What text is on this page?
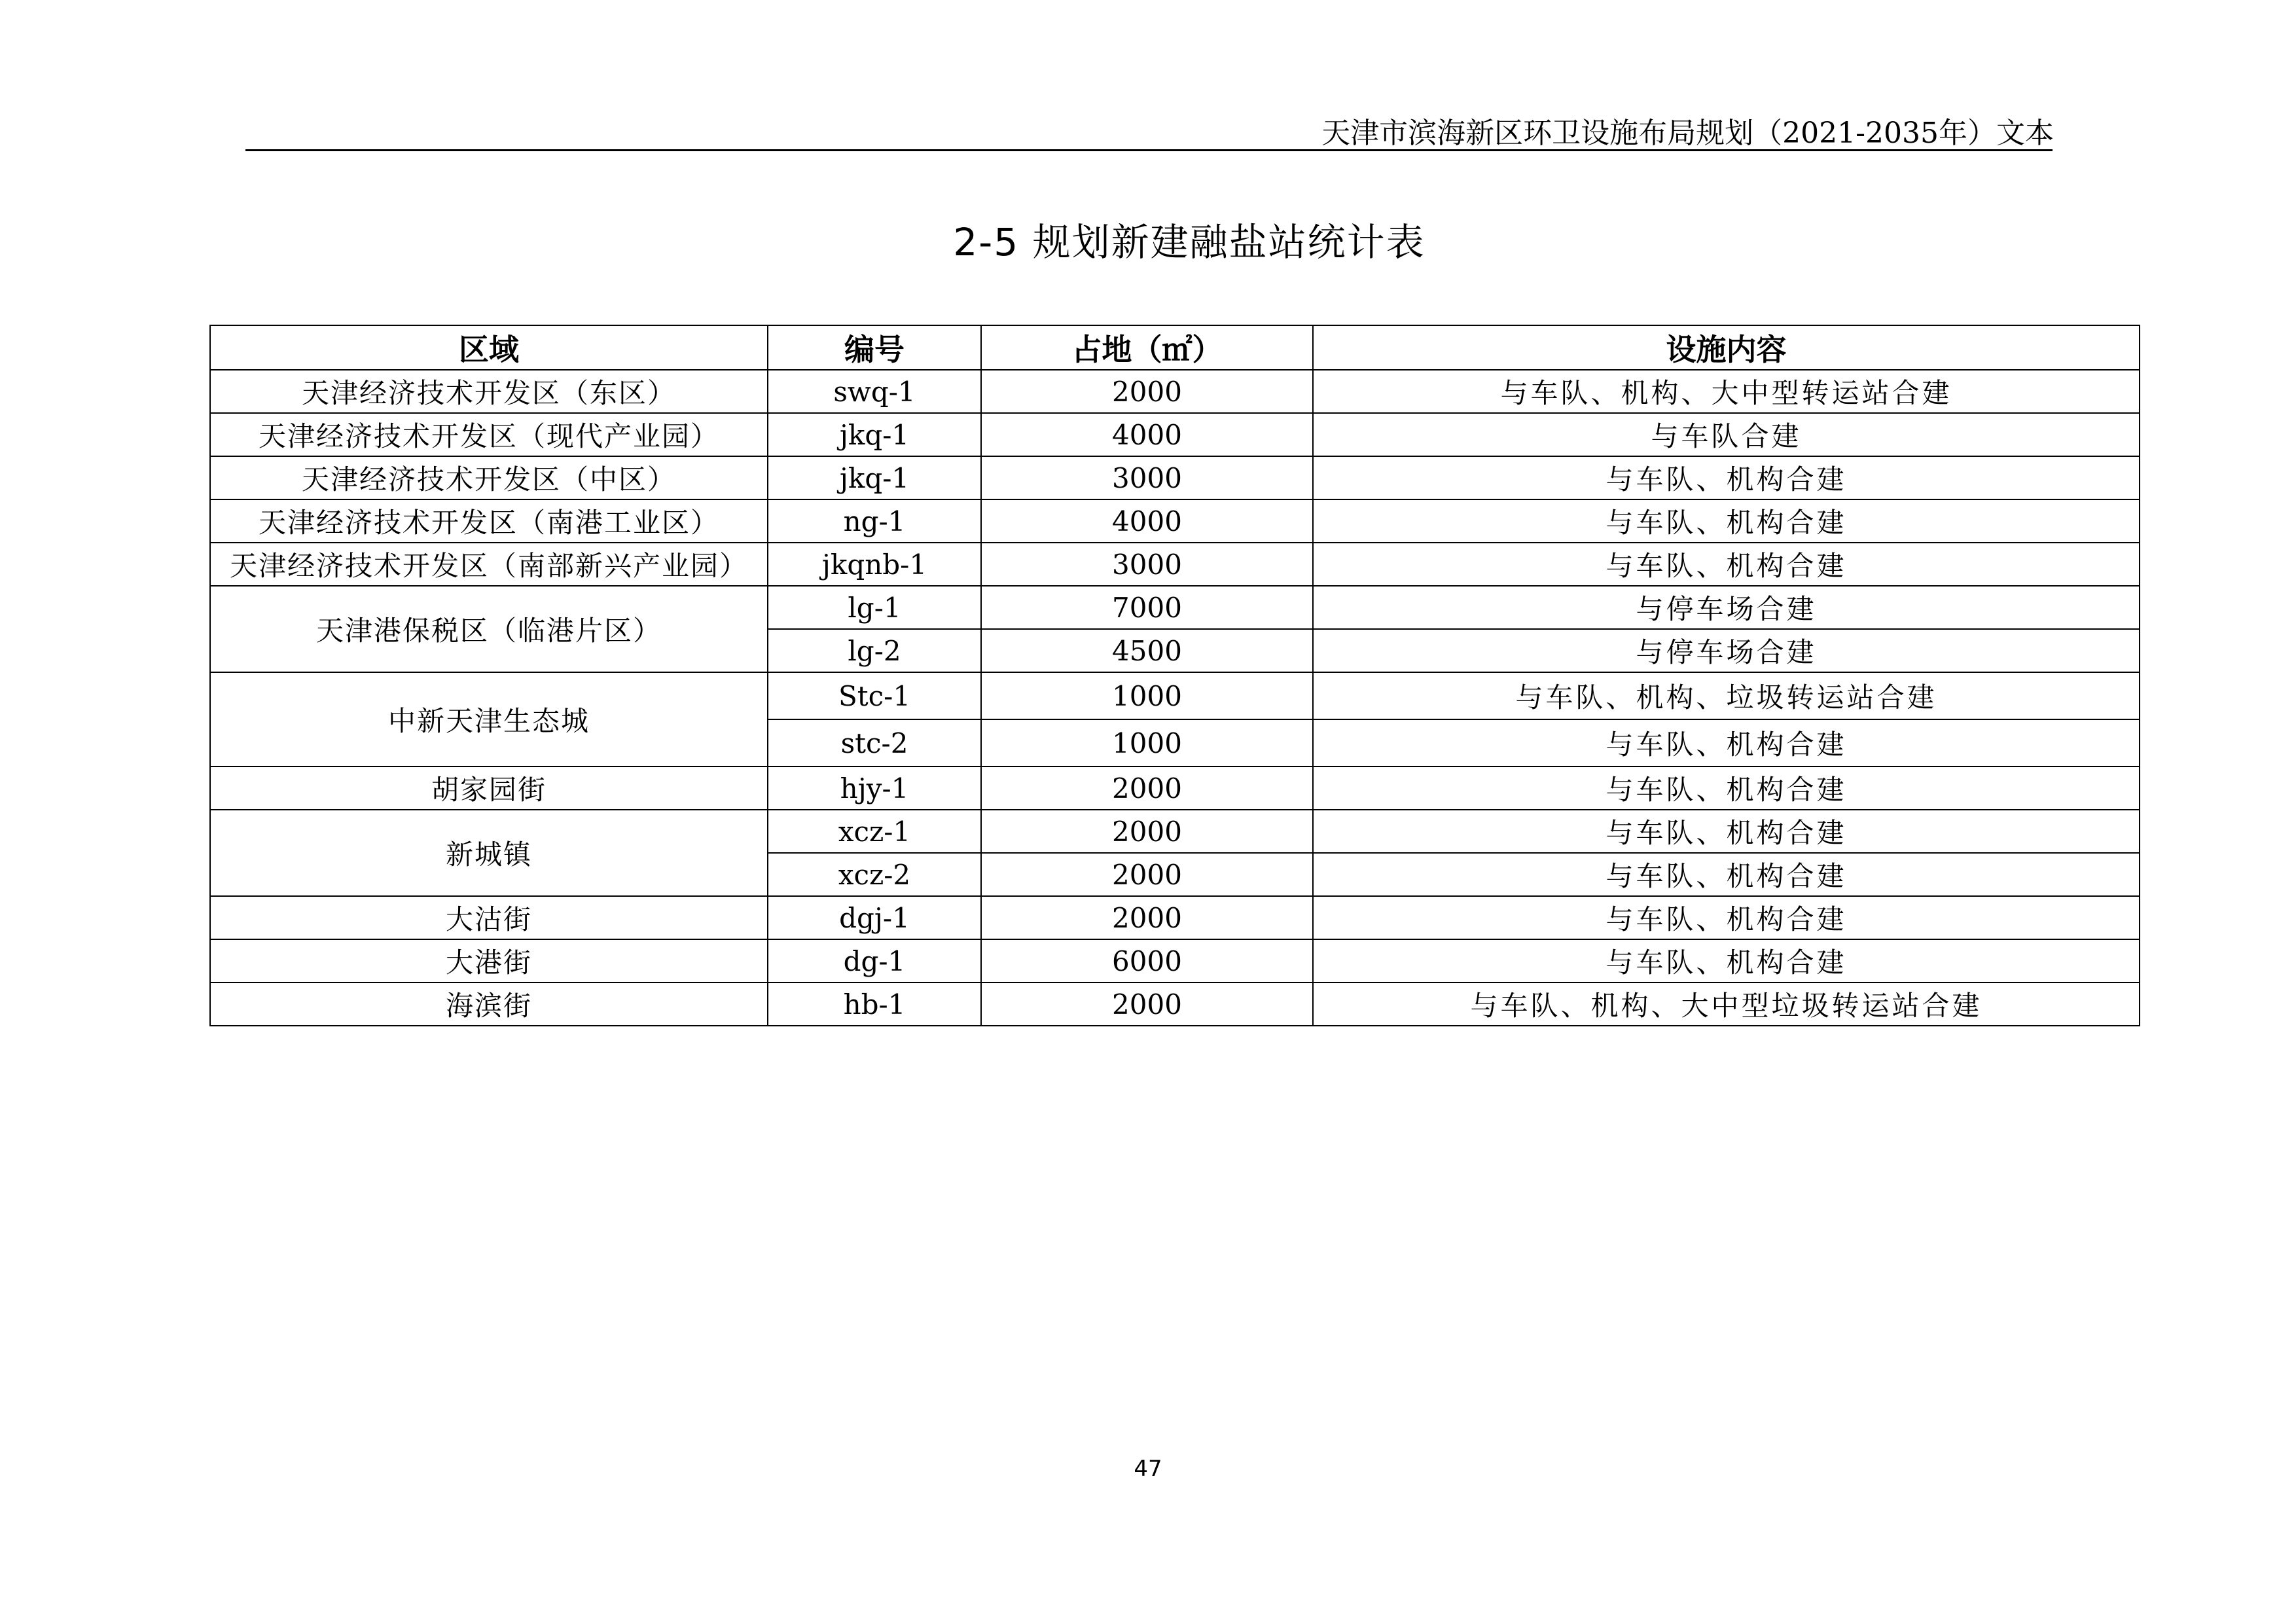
天津市滨海新区环卫设施布局规划（2021-2035年）文本
2-5 规划新建融盐站统计表
区域	编号	占地（㎡）	设施内容
天津经济技术开发区（东区）	swq-1	2000	与车队、机构、大中型转运站合建
天津经济技术开发区（现代产业园）	jkq-1	4000	与车队合建
天津经济技术开发区（中区）	jkq-1	3000	与车队、机构合建
天津经济技术开发区（南港工业区）	ng-1	4000	与车队、机构合建
天津经济技术开发区（南部新兴产业园）	jkqnb-1	3000	与车队、机构合建
天津港保税区（临港片区）	lg-1	7000	与停车场合建
	lg-2	4500	与停车场合建
中新天津生态城	Stc-1	1000	与车队、机构、垃圾转运站合建
	stc-2	1000	与车队、机构合建
胡家园街	hjy-1	2000	与车队、机构合建
新城镇	xcz-1	2000	与车队、机构合建
	xcz-2	2000	与车队、机构合建
大沽街	dgj-1	2000	与车队、机构合建
大港街	dg-1	6000	与车队、机构合建
海滨街	hb-1	2000	与车队、机构、大中型垃圾转运站合建
47
